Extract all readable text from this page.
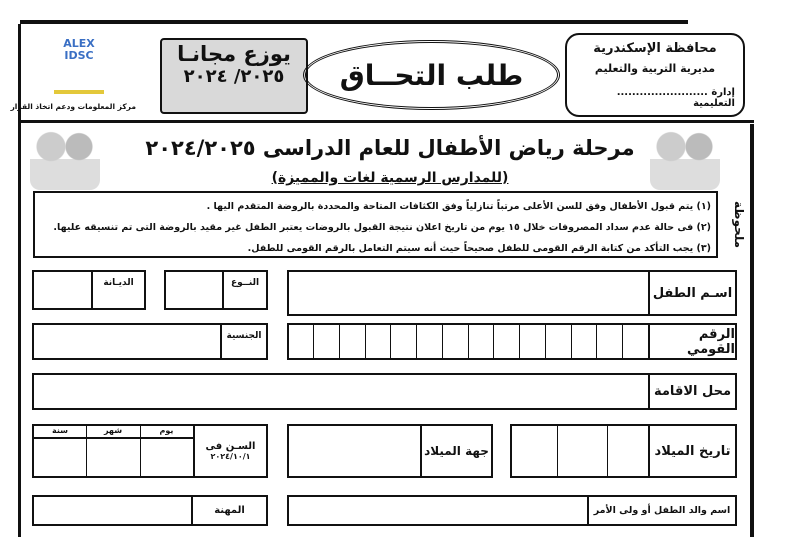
ALEX IDSC
مركز المعلومات ودعم اتخاذ القرار
يوزع مجانـا
٢٠٢٥/ ٢٠٢٤	طلب التحــاق
محافظة الإسكندرية
مديرية التربية والتعليم
إدارة ........................ التعليمية
مرحلة رياض الأطفال للعام الدراسى ٢٠٢٤/٢٠٢٥
(للمدارس الرسمية لغات والمميزة)
(١) يتم قبول الأطفال وفق للسن الأعلى مرتباً تنازلياً وفق الكثافات المتاحة والمحددة بالروضة المتقدم اليها .
(٢) فى حالة عدم سداد المصروفات خلال ١٥ يوم من تاريخ اعلان نتيجة القبول بالروضات يعتبر الطفل غير مقيد بالروضة التى تم تنسيقه عليها.
(٣) يجب التأكد من كتابة الرقم القومى للطفل صحيحاً حيث أنه سيتم التعامل بالرقم القومى للطفل.	ملحوظة
اسـم الطفل
النــوع
الديـانة
الرقم القومي
الجنسية
محل الاقامة
تاريخ الميلاد
جهة الميلاد
السـن فى
٢٠٢٤/١٠/١
يوم
شهر
سنة
اسم والد الطفل أو ولى الأمر
المهنة
